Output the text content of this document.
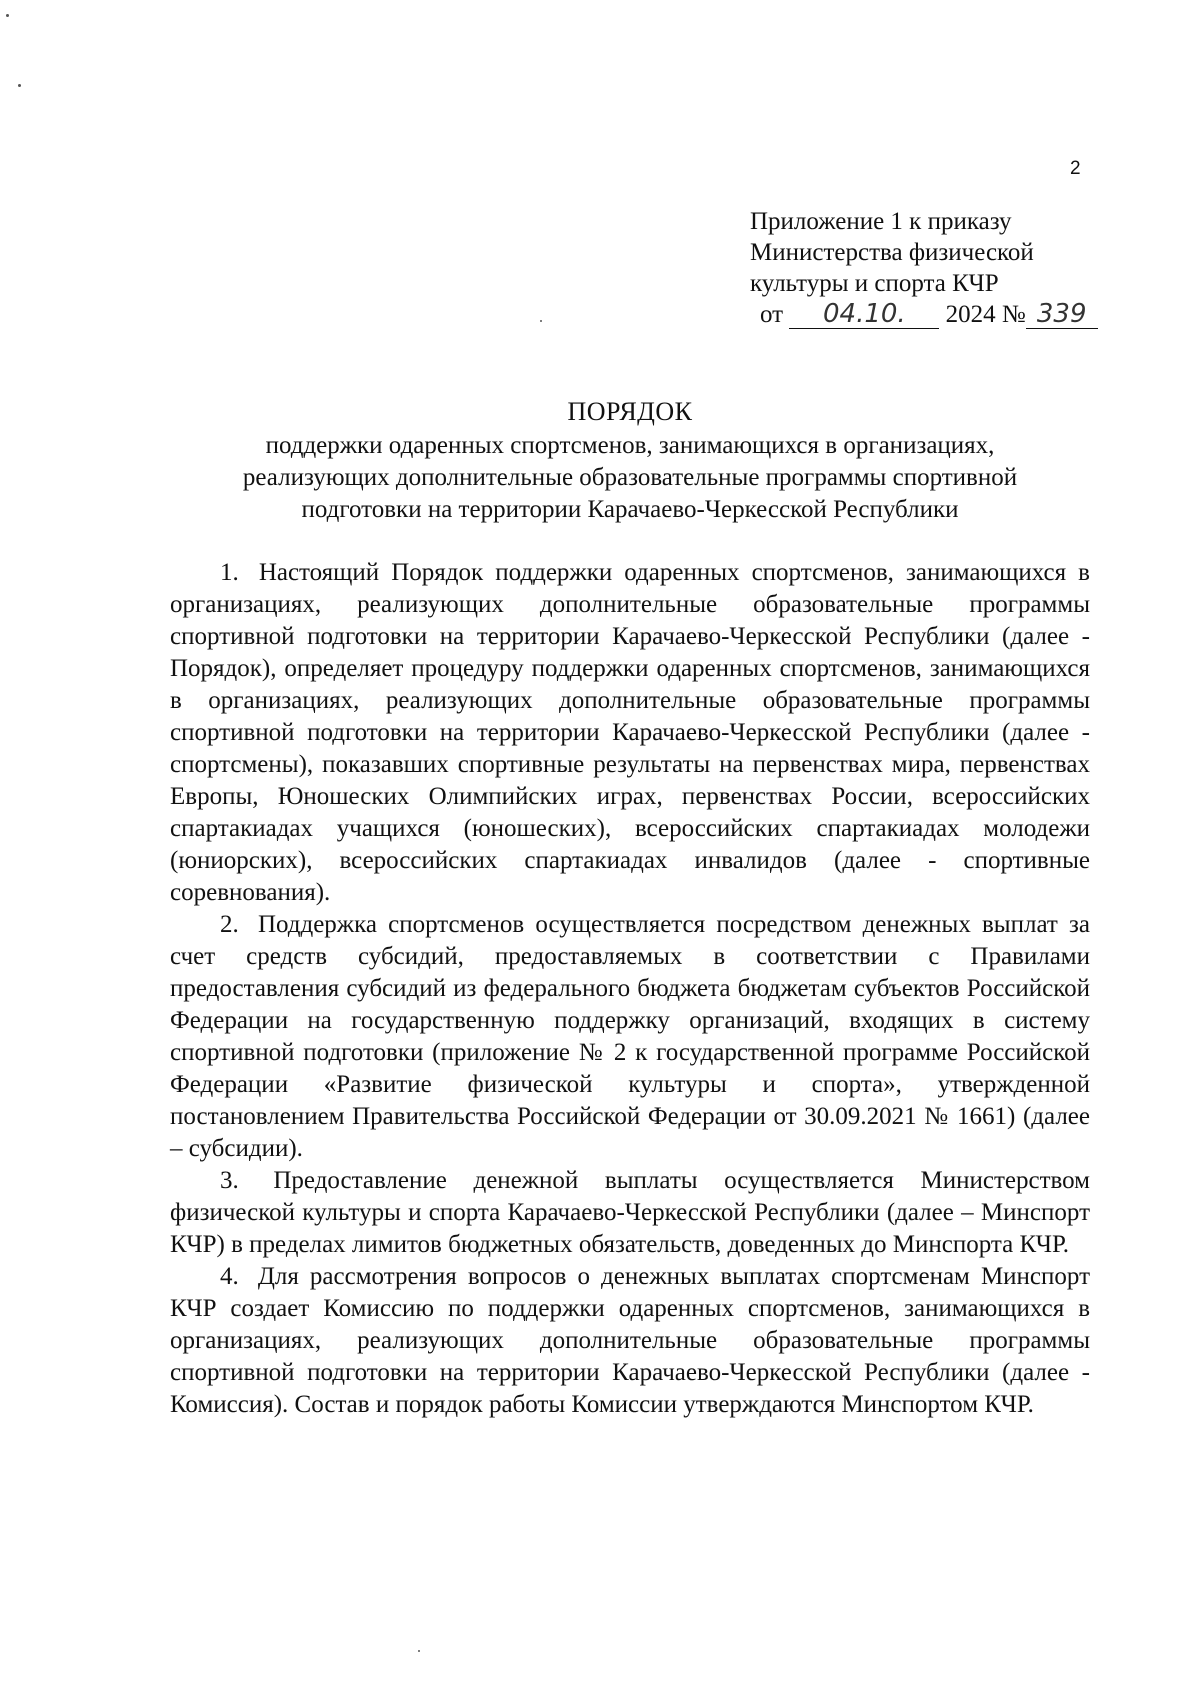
2
Приложение 1 к приказу
Министерства физической
культуры и спорта КЧР
от 04.10. 2024 № 339
ПОРЯДОК
поддержки одаренных спортсменов, занимающихся в организациях,
реализующих дополнительные образовательные программы спортивной
подготовки на территории Карачаево-Черкесской Республики

1. Настоящий Порядок поддержки одаренных спортсменов, занимающихся в организациях, реализующих дополнительные образовательные программы спортивной подготовки на территории Карачаево-Черкесской Республики (далее - Порядок), определяет процедуру поддержки одаренных спортсменов, занимающихся в организациях, реализующих дополнительные образовательные программы спортивной подготовки на территории Карачаево-Черкесской Республики (далее - спортсмены), показавших спортивные результаты на первенствах мира, первенствах Европы, Юношеских Олимпийских играх, первенствах России, всероссийских спартакиадах учащихся (юношеских), всероссийских спартакиадах молодежи (юниорских), всероссийских спартакиадах инвалидов (далее - спортивные соревнования).

2. Поддержка спортсменов осуществляется посредством денежных выплат за счет средств субсидий, предоставляемых в соответствии с Правилами предоставления субсидий из федерального бюджета бюджетам субъектов Российской Федерации на государственную поддержку организаций, входящих в систему спортивной подготовки (приложение № 2 к государственной программе Российской Федерации «Развитие физической культуры и спорта», утвержденной постановлением Правительства Российской Федерации от 30.09.2021 № 1661) (далее – субсидии).

3. Предоставление денежной выплаты осуществляется Министерством физической культуры и спорта Карачаево-Черкесской Республики (далее – Минспорт КЧР) в пределах лимитов бюджетных обязательств, доведенных до Минспорта КЧР.

4. Для рассмотрения вопросов о денежных выплатах спортсменам Минспорт КЧР создает Комиссию по поддержки одаренных спортсменов, занимающихся в организациях, реализующих дополнительные образовательные программы спортивной подготовки на территории Карачаево-Черкесской Республики (далее - Комиссия). Состав и порядок работы Комиссии утверждаются Минспортом КЧР.
